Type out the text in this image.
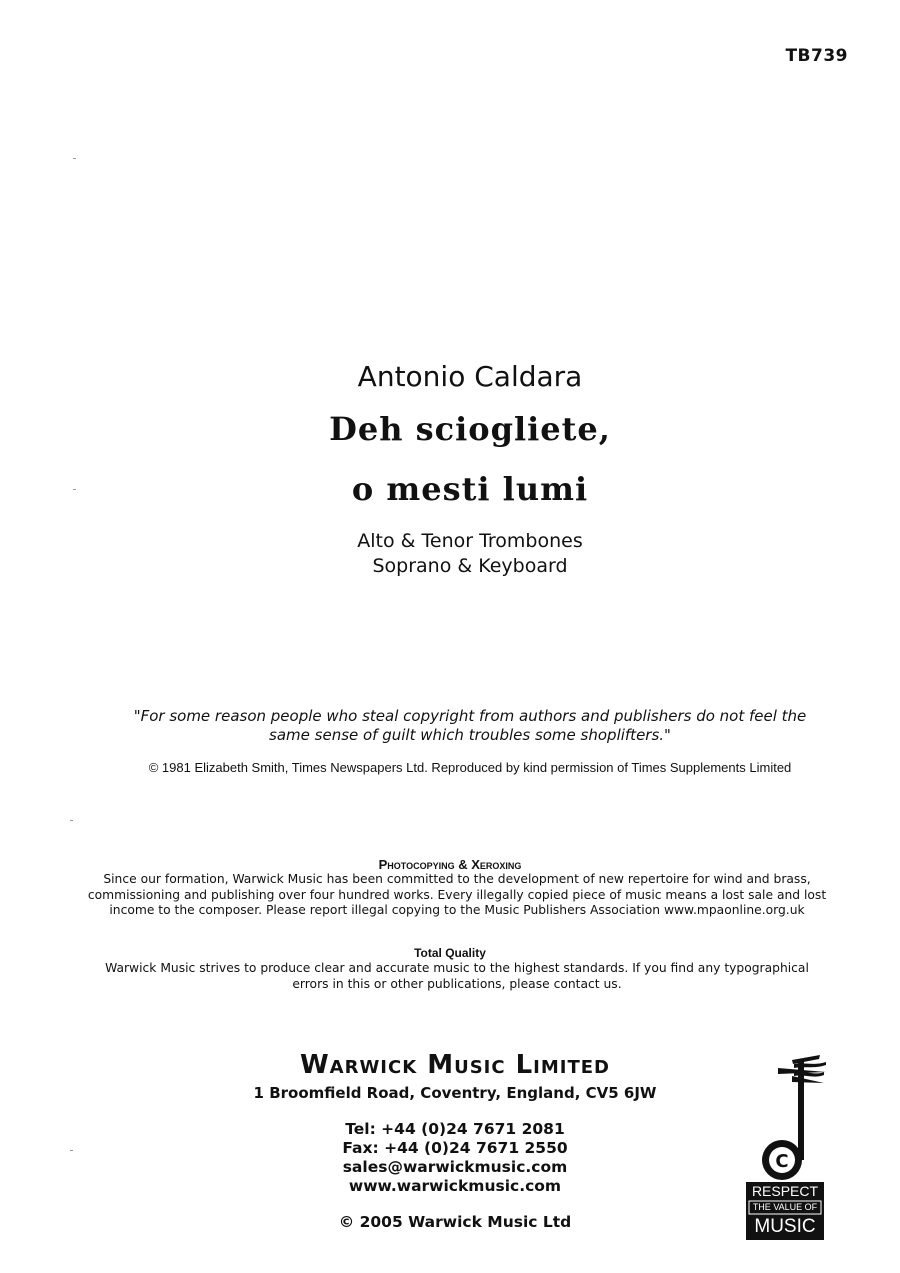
TB739
Antonio Caldara
Deh sciogliete,
o mesti lumi
Alto & Tenor Trombones
Soprano & Keyboard
"For some reason people who steal copyright from authors and publishers do not feel the same sense of guilt which troubles some shoplifters."
© 1981 Elizabeth Smith, Times Newspapers Ltd. Reproduced by kind permission of Times Supplements Limited
Photocopying & Xeroxing
Since our formation, Warwick Music has been committed to the development of new repertoire for wind and brass, commissioning and publishing over four hundred works. Every illegally copied piece of music means a lost sale and lost income to the composer. Please report illegal copying to the Music Publishers Association www.mpaonline.org.uk
Total Quality
Warwick Music strives to produce clear and accurate music to the highest standards. If you find any typographical errors in this or other publications, please contact us.
Warwick Music Limited
1 Broomfield Road, Coventry, England, CV5 6JW
Tel: +44 (0)24 7671 2081
Fax: +44 (0)24 7671 2550
sales@warwickmusic.com
www.warwickmusic.com
© 2005 Warwick Music Ltd
C
RESPECT
THE VALUE OF
MUSIC
